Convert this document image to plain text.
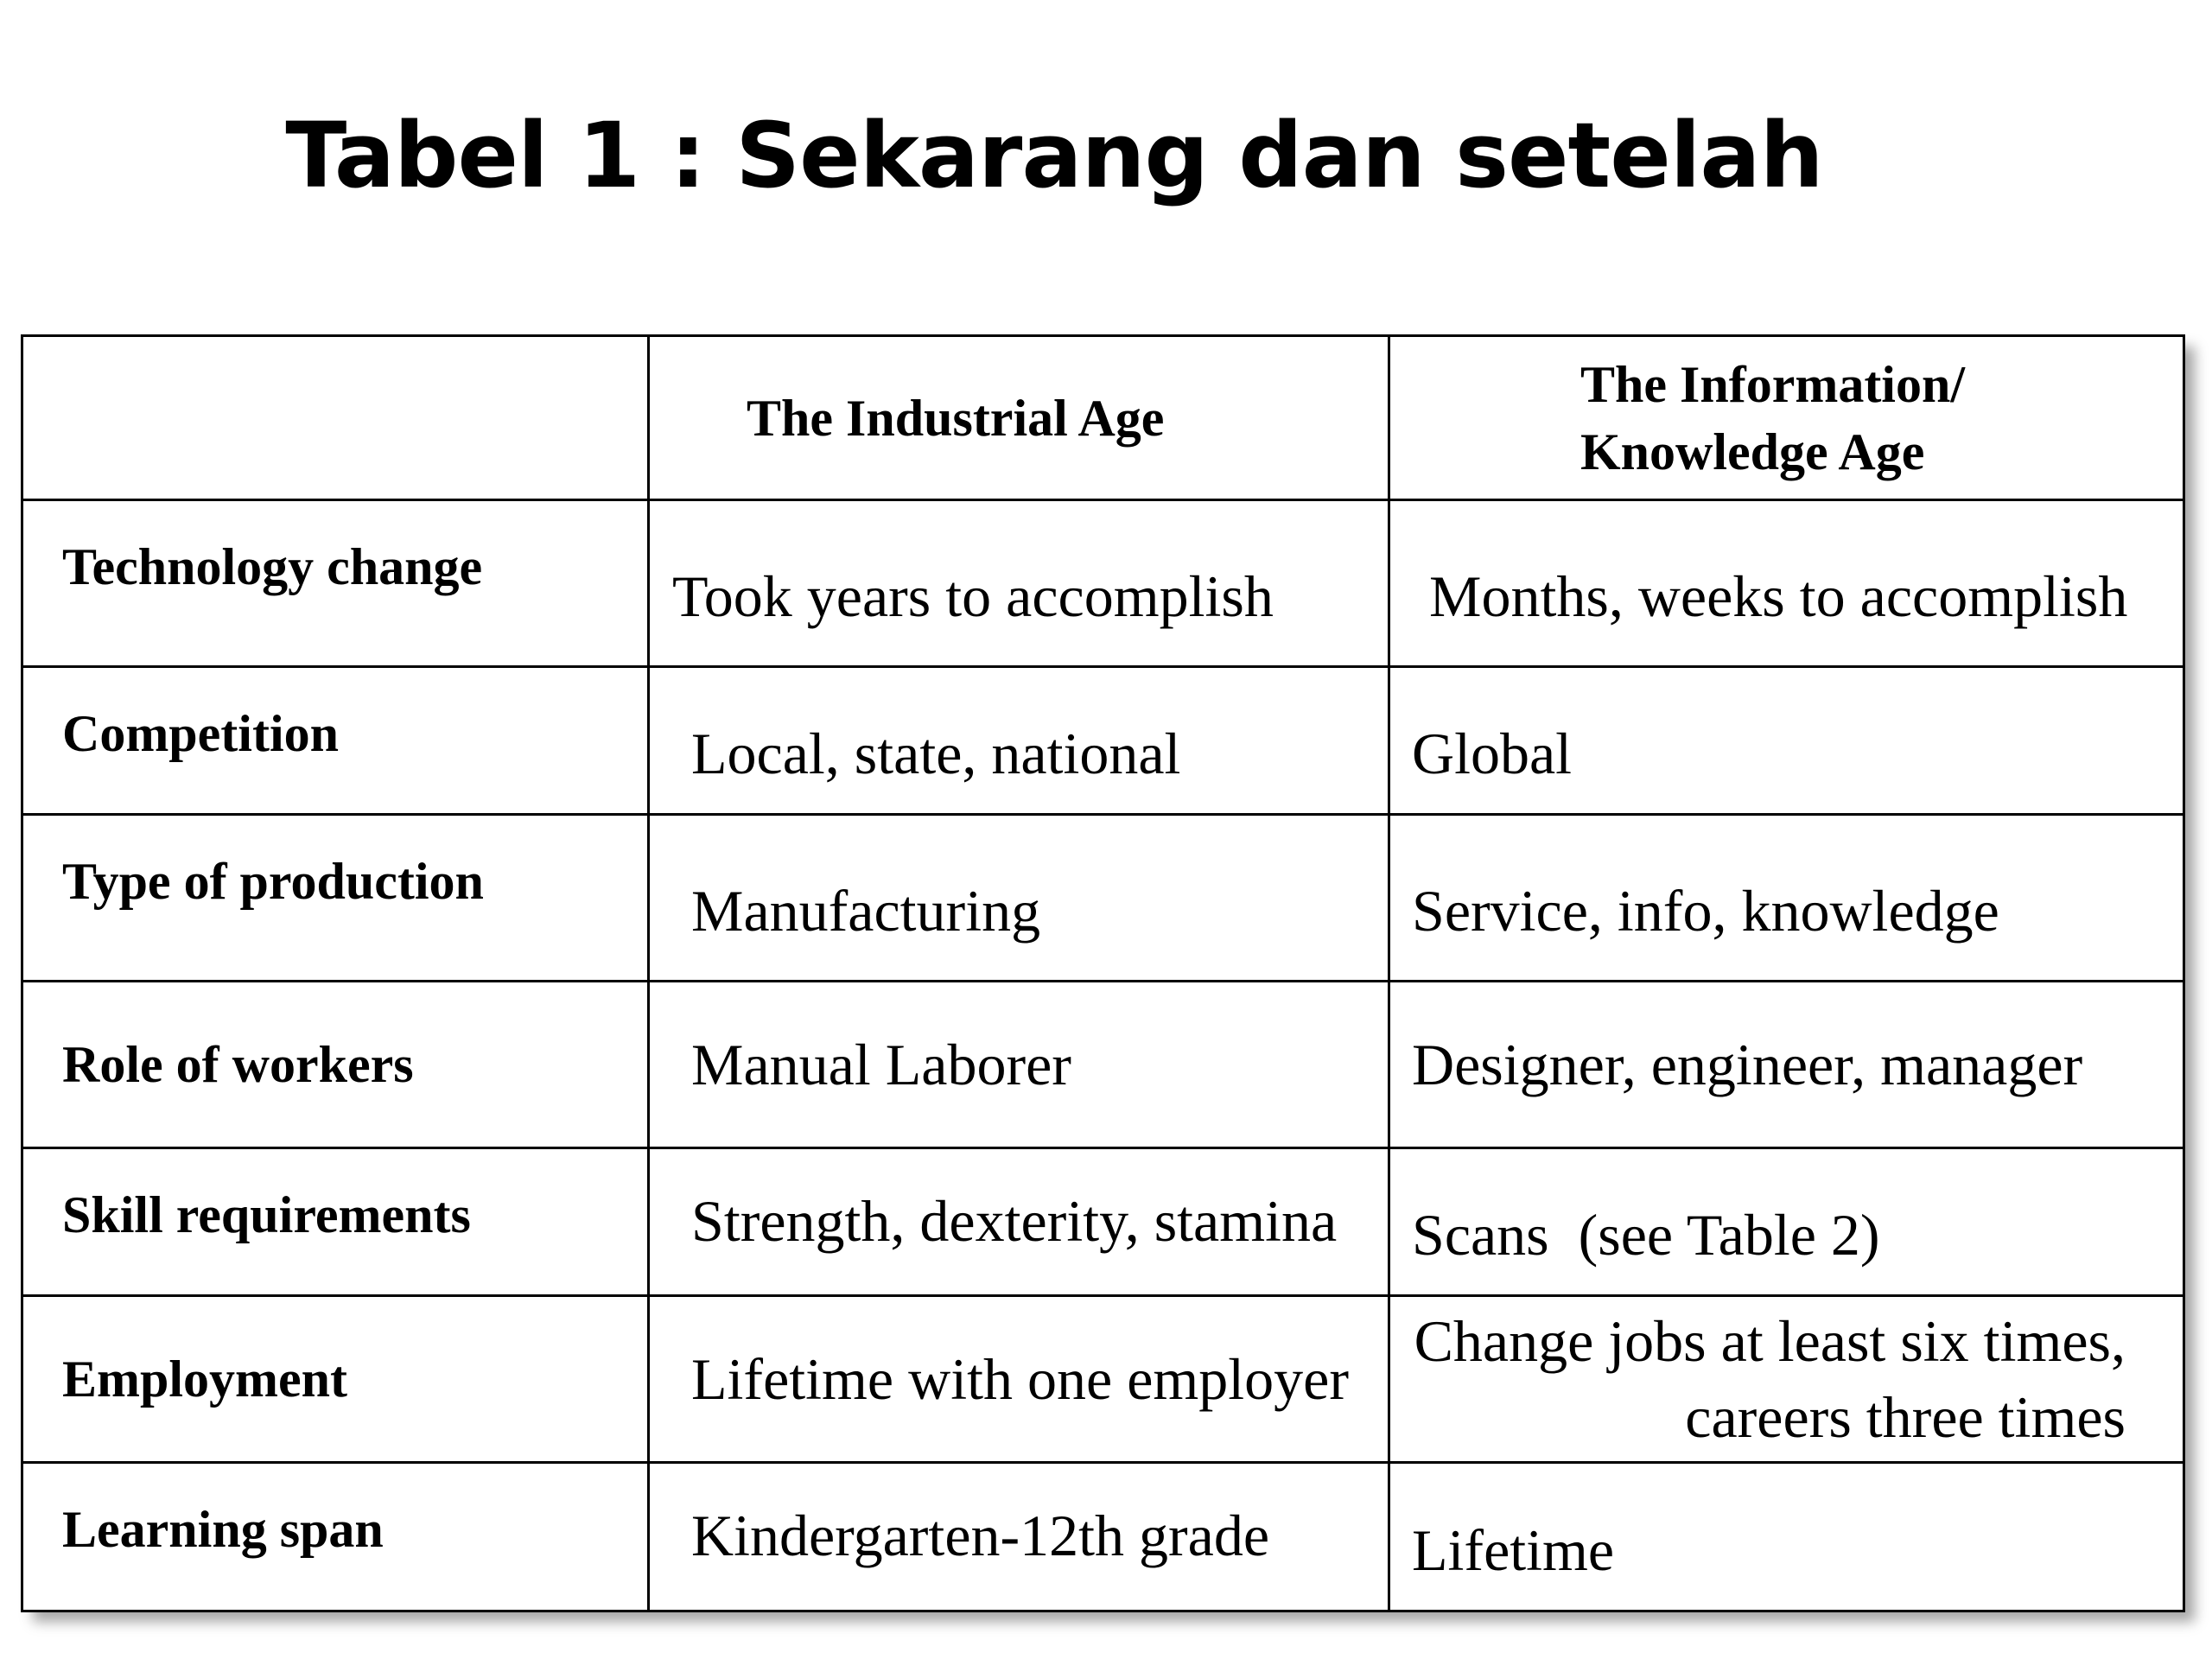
Tabel 1 : Sekarang dan setelah
	The Industrial Age	The Information/
Knowledge Age

Technology change	Took years to accomplish	Months, weeks to accomplish
Competition	Local, state, national	Global
Type of production	Manufacturing	Service, info, knowledge
Role of workers	Manual Laborer	Designer, engineer, manager
Skill requirements	Strength, dexterity, stamina	Scans  (see Table 2)
Employment	Lifetime with one employer	Change jobs at least six times,
careers three times

Learning span	Kindergarten-12th grade	Lifetime
